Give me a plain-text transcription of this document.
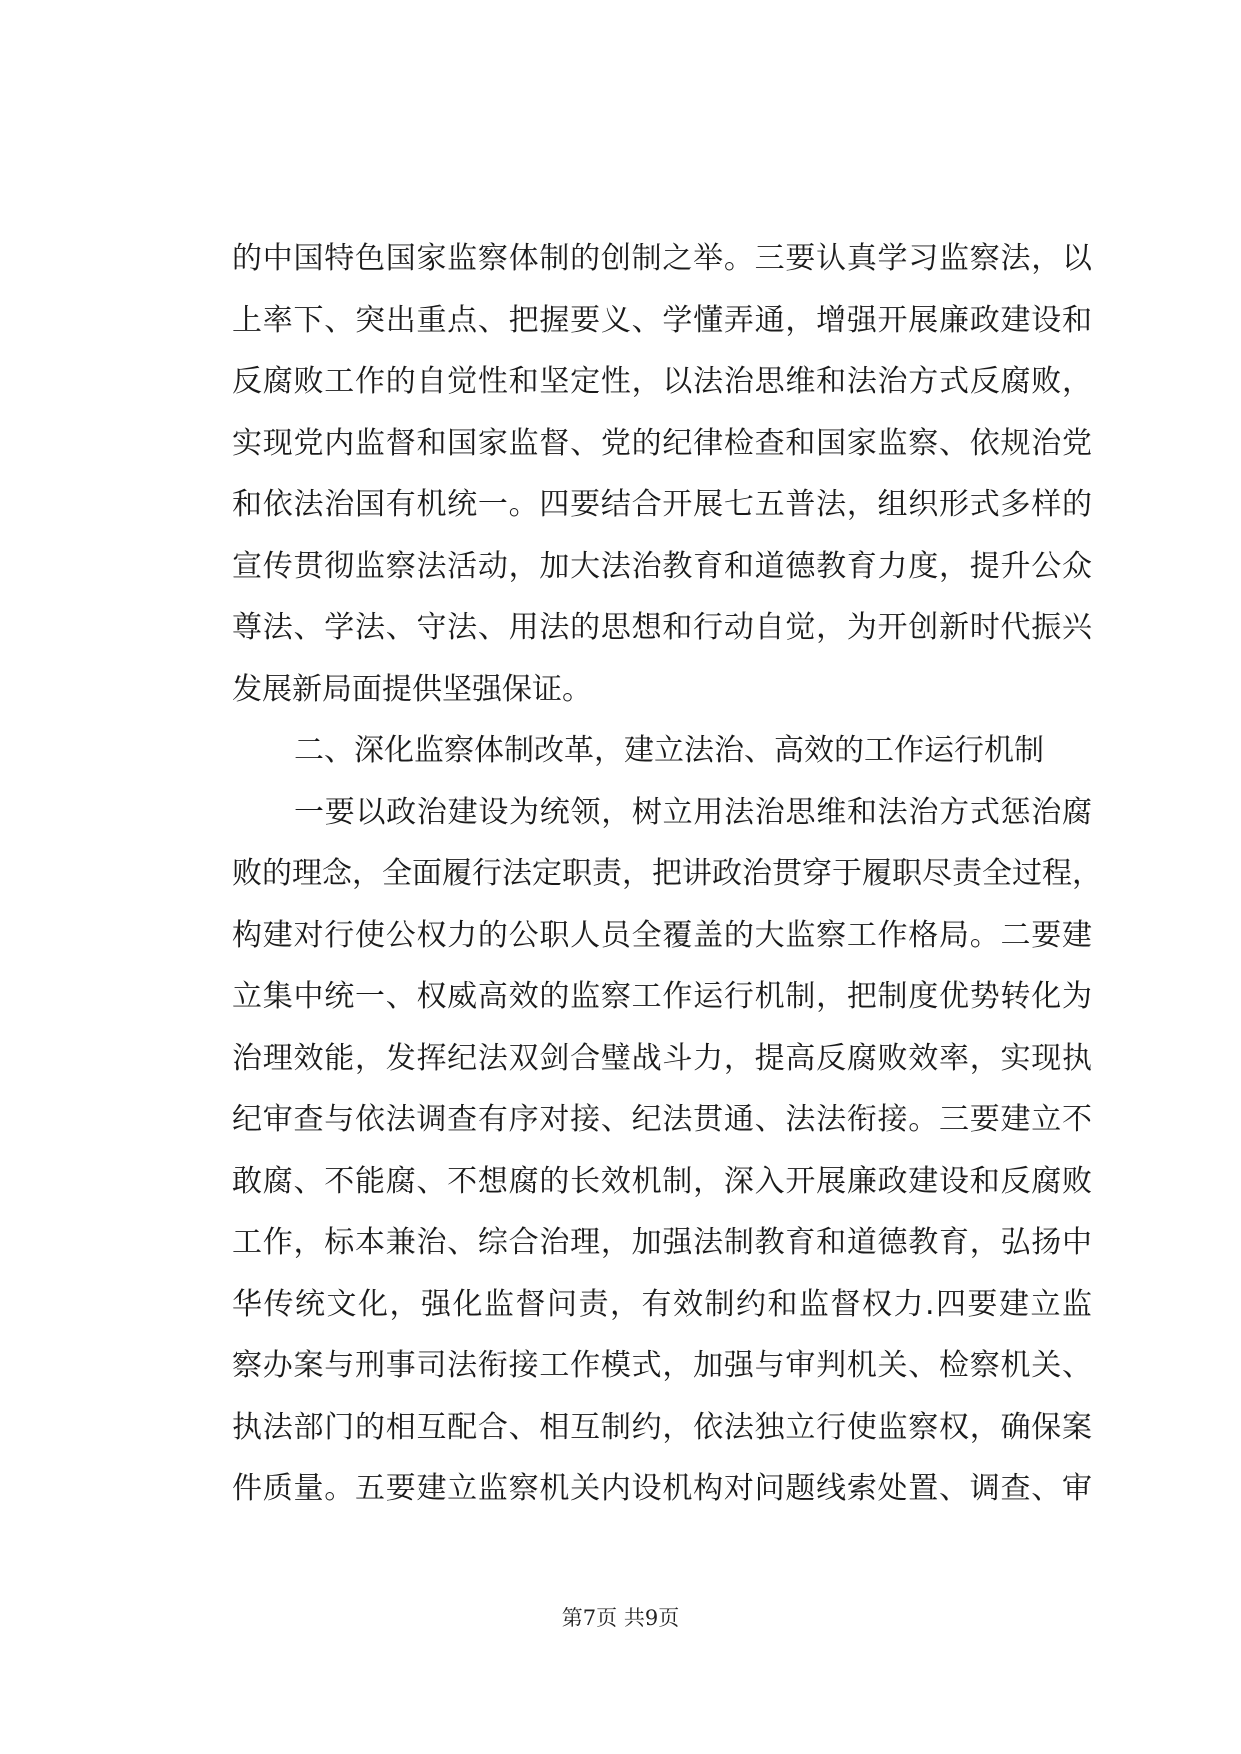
的中国特色国家监察体制的创制之举。三要认真学习监察法，以
上率下、突出重点、把握要义、学懂弄通，增强开展廉政建设和
反腐败工作的自觉性和坚定性，以法治思维和法治方式反腐败，
实现党内监督和国家监督、党的纪律检查和国家监察、依规治党
和依法治国有机统一。四要结合开展七五普法，组织形式多样的
宣传贯彻监察法活动，加大法治教育和道德教育力度，提升公众
尊法、学法、守法、用法的思想和行动自觉，为开创新时代振兴
发展新局面提供坚强保证。
二、深化监察体制改革，建立法治、高效的工作运行机制
一要以政治建设为统领，树立用法治思维和法治方式惩治腐
败的理念，全面履行法定职责，把讲政治贯穿于履职尽责全过程，
构建对行使公权力的公职人员全覆盖的大监察工作格局。二要建
立集中统一、权威高效的监察工作运行机制，把制度优势转化为
治理效能，发挥纪法双剑合璧战斗力，提高反腐败效率，实现执
纪审查与依法调查有序对接、纪法贯通、法法衔接。三要建立不
敢腐、不能腐、不想腐的长效机制，深入开展廉政建设和反腐败
工作，标本兼治、综合治理，加强法制教育和道德教育，弘扬中
华传统文化，强化监督问责，有效制约和监督权力.四要建立监
察办案与刑事司法衔接工作模式，加强与审判机关、检察机关、
执法部门的相互配合、相互制约，依法独立行使监察权，确保案
件质量。五要建立监察机关内设机构对问题线索处置、调查、审
第7页 共9页
